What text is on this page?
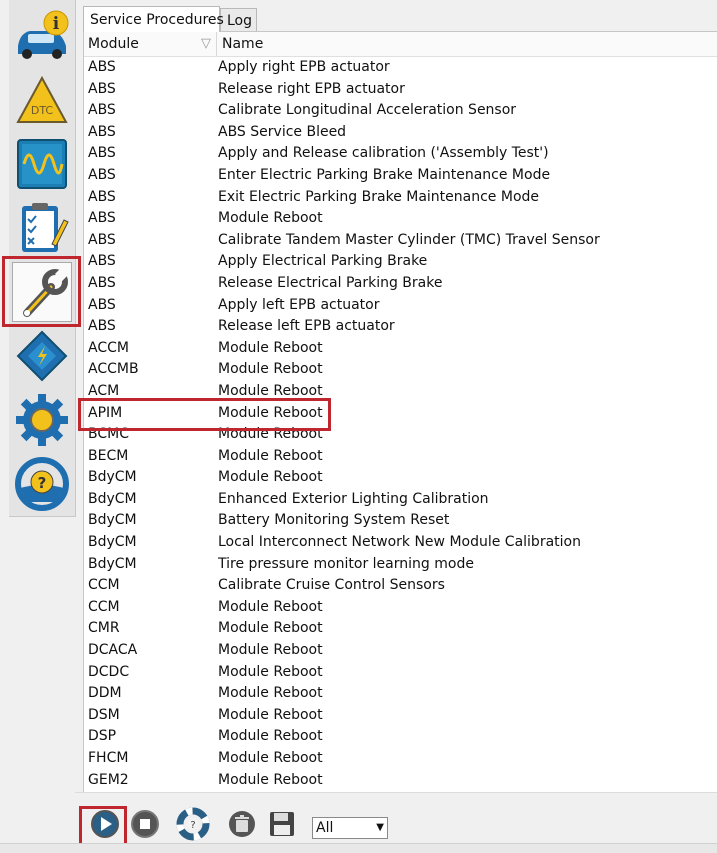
i
DTC
?
Service Procedures Log
Module	▽ Name
ABS	Apply right EPB actuator
ABS	Release right EPB actuator
ABS	Calibrate Longitudinal Acceleration Sensor
ABS	ABS Service Bleed
ABS	Apply and Release calibration ('Assembly Test')
ABS	Enter Electric Parking Brake Maintenance Mode
ABS	Exit Electric Parking Brake Maintenance Mode
ABS	Module Reboot
ABS	Calibrate Tandem Master Cylinder (TMC) Travel Sensor
ABS	Apply Electrical Parking Brake
ABS	Release Electrical Parking Brake
ABS	Apply left EPB actuator
ABS	Release left EPB actuator
ACCM	Module Reboot
ACCMB	Module Reboot
ACM	Module Reboot
APIM	Module Reboot
BCMC	Module Reboot
BECM	Module Reboot
BdyCM	Module Reboot
BdyCM	Enhanced Exterior Lighting Calibration
BdyCM	Battery Monitoring System Reset
BdyCM	Local Interconnect Network New Module Calibration
BdyCM	Tire pressure monitor learning mode
CCM	Calibrate Cruise Control Sensors
CCM	Module Reboot
CMR	Module Reboot
DCACA	Module Reboot
DCDC	Module Reboot
DDM	Module Reboot
DSM	Module Reboot
DSP	Module Reboot
FHCM	Module Reboot
GEM2	Module Reboot
?	All	▼
